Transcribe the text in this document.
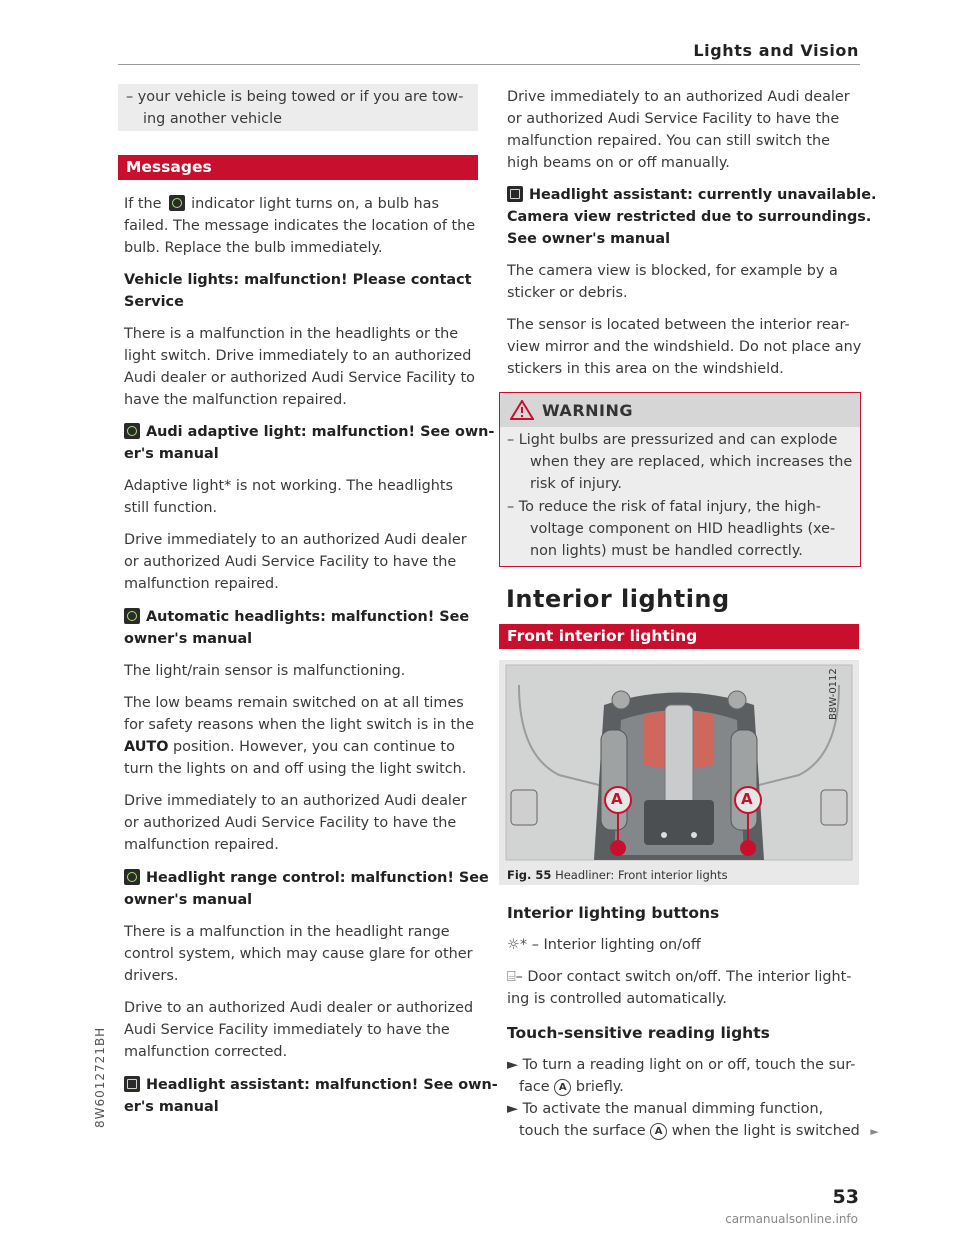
Lights and Vision
8W6012721BH

– your vehicle is being towed or if you are tow-

ing another vehicle

Messages

If the indicator light turns on, a bulb has

failed. The message indicates the location of the

bulb. Replace the bulb immediately.

Vehicle lights: malfunction! Please contact

Service

There is a malfunction in the headlights or the

light switch. Drive immediately to an authorized

Audi dealer or authorized Audi Service Facility to

have the malfunction repaired.

Audi adaptive light: malfunction! See own-

er's manual

Adaptive light* is not working. The headlights

still function.

Drive immediately to an authorized Audi dealer

or authorized Audi Service Facility to have the

malfunction repaired.

Automatic headlights: malfunction! See

owner's manual

The light/rain sensor is malfunctioning.

The low beams remain switched on at all times

for safety reasons when the light switch is in the

AUTO position. However, you can continue to

turn the lights on and off using the light switch.

Drive immediately to an authorized Audi dealer

or authorized Audi Service Facility to have the

malfunction repaired.

Headlight range control: malfunction! See

owner's manual

There is a malfunction in the headlight range

control system, which may cause glare for other

drivers.

Drive to an authorized Audi dealer or authorized

Audi Service Facility immediately to have the

malfunction corrected.

Headlight assistant: malfunction! See own-

er's manual

Drive immediately to an authorized Audi dealer

or authorized Audi Service Facility to have the

malfunction repaired. You can still switch the

high beams on or off manually.

Headlight assistant: currently unavailable.

Camera view restricted due to surroundings.

See owner's manual

The camera view is blocked, for example by a

sticker or debris.

The sensor is located between the interior rear-

view mirror and the windshield. Do not place any

stickers in this area on the windshield.

WARNING

– Light bulbs are pressurized and can explode

when they are replaced, which increases the

risk of injury.

– To reduce the risk of fatal injury, the high-

voltage component on HID headlights (xe-

non lights) must be handled correctly.

Interior lighting
Front interior lighting
A	A
B8W-0112
Fig. 55 Headliner: Front interior lights
Interior lighting buttons

☼* – Interior lighting on/off

⌸– Door contact switch on/off. The interior light-

ing is controlled automatically.

Touch-sensitive reading lights

► To turn a reading light on or off, touch the sur-

face A briefly.

► To activate the manual dimming function,

touch the surface A when the light is switched ►

53
carmanualsonline.info
